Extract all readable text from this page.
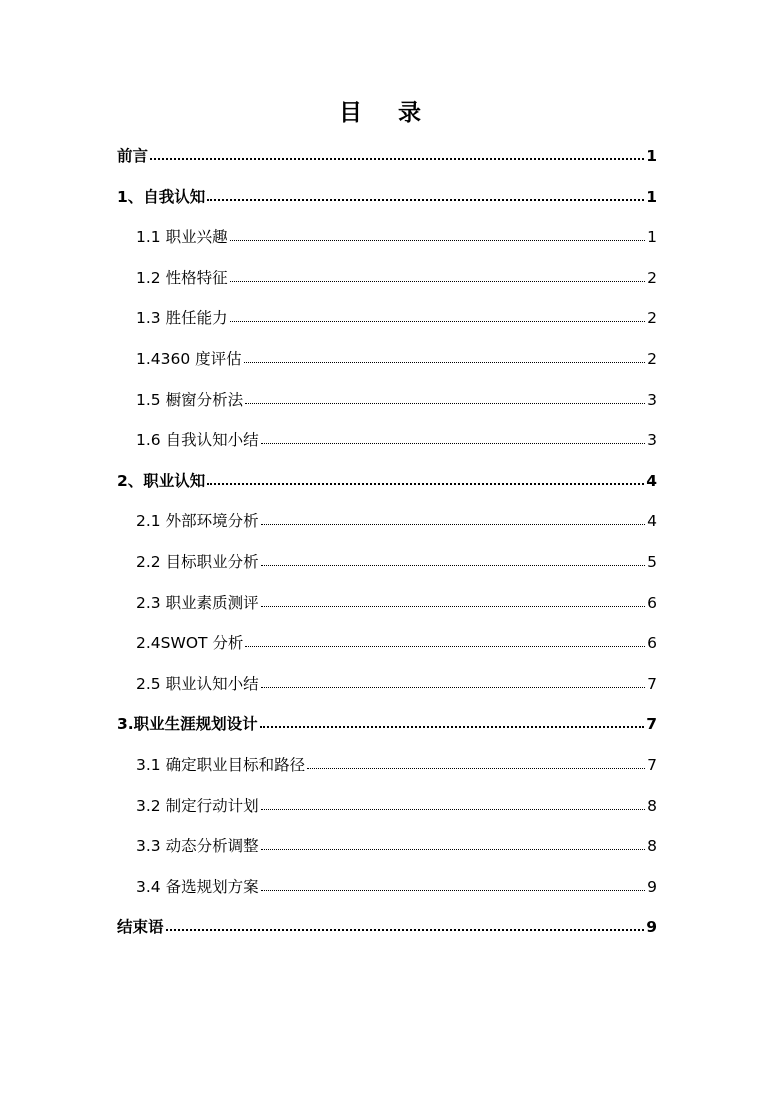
目 录
前言	1
1、自我认知	1
1.1 职业兴趣	1
1.2 性格特征	2
1.3 胜任能力	2
1.4360 度评估	2
1.5 橱窗分析法	3
1.6 自我认知小结	3
2、职业认知	4
2.1 外部环境分析	4
2.2 目标职业分析	5
2.3 职业素质测评	6
2.4SWOT 分析	6
2.5 职业认知小结	7
3.职业生涯规划设计	7
3.1 确定职业目标和路径	7
3.2 制定行动计划	8
3.3 动态分析调整	8
3.4 备选规划方案	9
结束语	9
